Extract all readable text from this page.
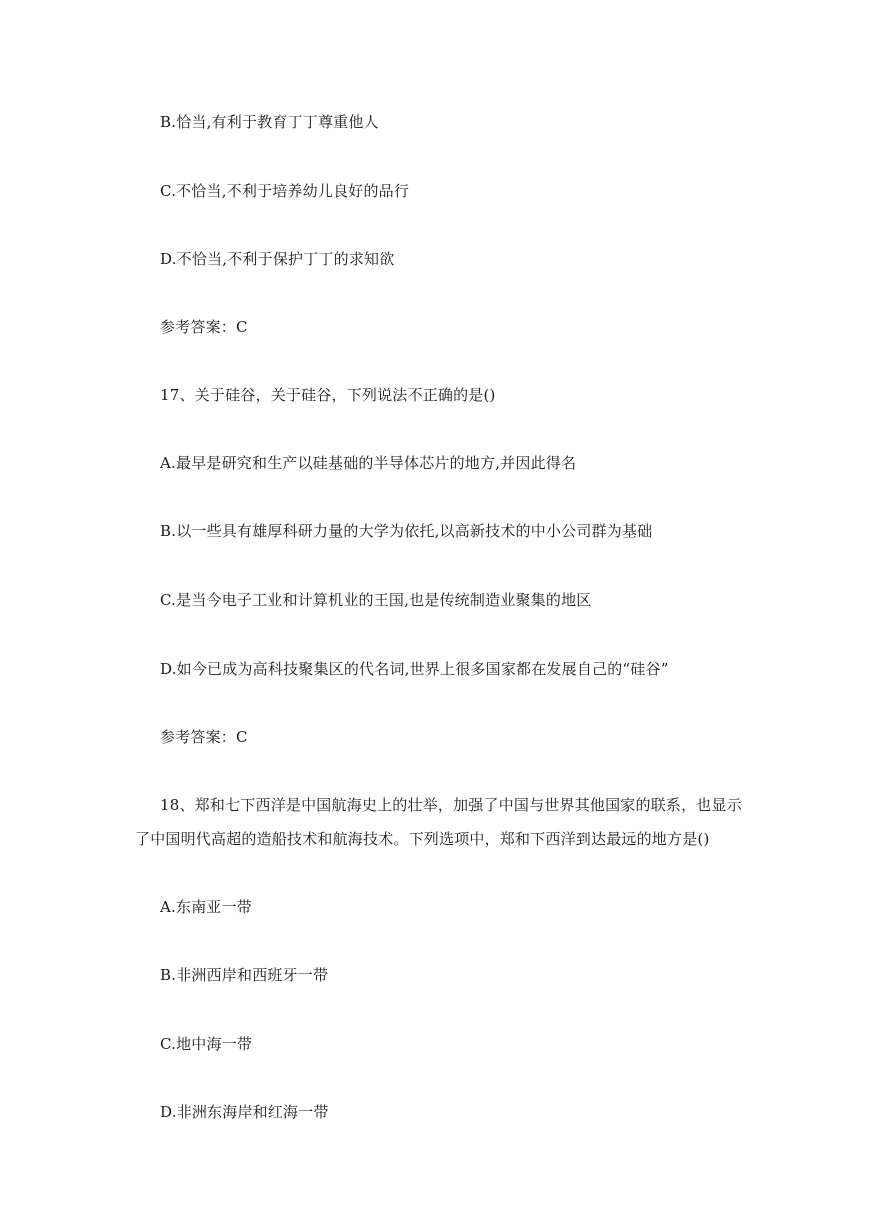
B.恰当,有利于教育丁丁尊重他人
C.不恰当,不利于培养幼儿良好的品行
D.不恰当,不利于保护丁丁的求知欲
参考答案：C
17、关于硅谷，关于硅谷，下列说法不正确的是()
A.最早是研究和生产以硅基础的半导体芯片的地方,并因此得名
B.以一些具有雄厚科研力量的大学为依托,以高新技术的中小公司群为基础
C.是当今电子工业和计算机业的王国,也是传统制造业聚集的地区
D.如今已成为高科技聚集区的代名词,世界上很多国家都在发展自己的“硅谷”
参考答案：C
18、郑和七下西洋是中国航海史上的壮举，加强了中国与世界其他国家的联系，也显示
了中国明代高超的造船技术和航海技术。下列选项中，郑和下西洋到达最远的地方是()
A.东南亚一带
B.非洲西岸和西班牙一带
C.地中海一带
D.非洲东海岸和红海一带
